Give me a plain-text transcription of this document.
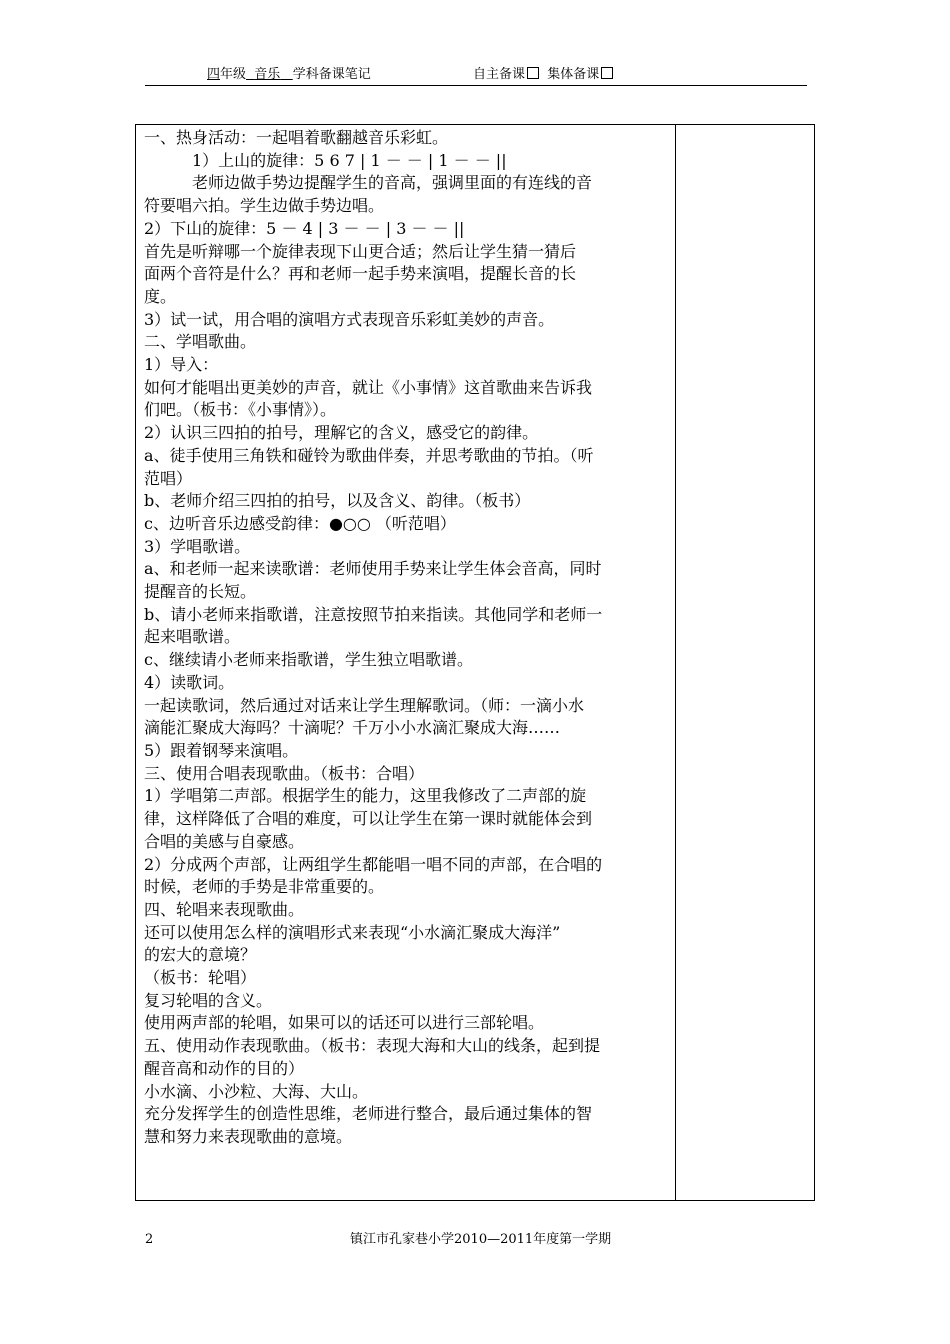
四年级 音乐 学科备课笔记	自主备课 集体备课
一、热身活动：一起唱着歌翻越音乐彩虹。
1）上山的旋律：5 6 7 | 1 － － | 1 － － ||
老师边做手势边提醒学生的音高，强调里面的有连线的音
符要唱六拍。学生边做手势边唱。
2）下山的旋律：5 － 4 | 3 － － | 3 － － ||
首先是听辩哪一个旋律表现下山更合适；然后让学生猜一猜后
面两个音符是什么？再和老师一起手势来演唱，提醒长音的长
度。
3）试一试，用合唱的演唱方式表现音乐彩虹美妙的声音。
二、学唱歌曲。
1）导入：
如何才能唱出更美妙的声音，就让《小事情》这首歌曲来告诉我
们吧。（板书：《小事情》）。
2）认识三四拍的拍号，理解它的含义，感受它的韵律。
a、徒手使用三角铁和碰铃为歌曲伴奏，并思考歌曲的节拍。（听
范唱）
b、老师介绍三四拍的拍号，以及含义、韵律。（板书）
c、边听音乐边感受韵律：●○○ （听范唱）
3）学唱歌谱。
a、和老师一起来读歌谱：老师使用手势来让学生体会音高，同时
提醒音的长短。
b、请小老师来指歌谱，注意按照节拍来指读。其他同学和老师一
起来唱歌谱。
c、继续请小老师来指歌谱，学生独立唱歌谱。
4）读歌词。
一起读歌词，然后通过对话来让学生理解歌词。（师：一滴小水
滴能汇聚成大海吗？十滴呢？千万小小水滴汇聚成大海……
5）跟着钢琴来演唱。
三、使用合唱表现歌曲。（板书：合唱）
1）学唱第二声部。根据学生的能力，这里我修改了二声部的旋
律，这样降低了合唱的难度，可以让学生在第一课时就能体会到
合唱的美感与自豪感。
2）分成两个声部，让两组学生都能唱一唱不同的声部，在合唱的
时候，老师的手势是非常重要的。
四、轮唱来表现歌曲。
还可以使用怎么样的演唱形式来表现“小水滴汇聚成大海洋”
的宏大的意境？
（板书：轮唱）
复习轮唱的含义。
使用两声部的轮唱，如果可以的话还可以进行三部轮唱。
五、使用动作表现歌曲。（板书：表现大海和大山的线条，起到提
醒音高和动作的目的）
小水滴、小沙粒、大海、大山。
充分发挥学生的创造性思维，老师进行整合，最后通过集体的智
慧和努力来表现歌曲的意境。
2	镇江市孔家巷小学2010—2011年度第一学期
